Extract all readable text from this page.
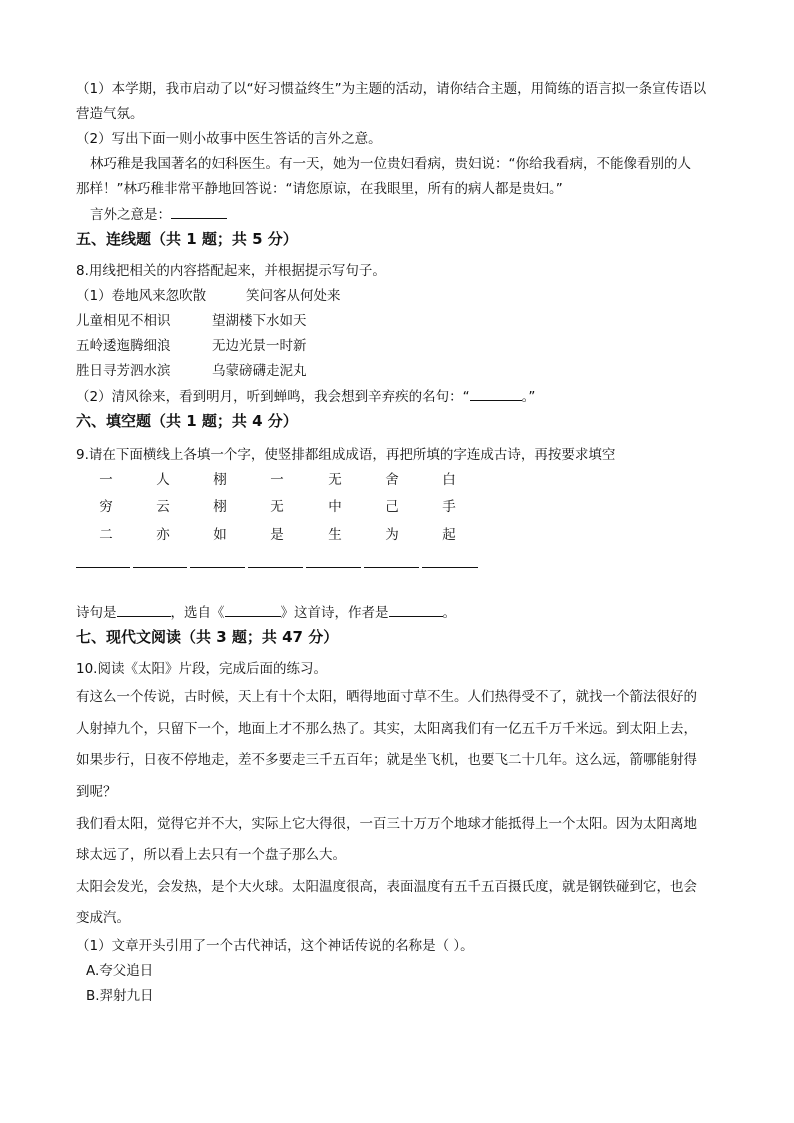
（1）本学期，我市启动了以“好习惯益终生”为主题的活动，请你结合主题，用简练的语言拟一条宣传语以
营造气氛。
（2）写出下面一则小故事中医生答话的言外之意。
林巧稚是我国著名的妇科医生。有一天，她为一位贵妇看病，贵妇说：“你给我看病，不能像看别的人
那样！”林巧稚非常平静地回答说：“请您原谅，在我眼里，所有的病人都是贵妇。”
言外之意是：
五、连线题（共 1 题；共 5 分）
8.用线把相关的内容搭配起来，并根据提示写句子。
（1）卷地风来忽吹散	笑问客从何处来
儿童相见不相识	望湖楼下水如天
五岭逶迤腾细浪	无边光景一时新
胜日寻芳泗水滨	乌蒙磅礴走泥丸
（2）清风徐来，看到明月，听到蝉鸣，我会想到辛弃疾的名句：“	。”
六、填空题（共 1 题；共 4 分）
9.请在下面横线上各填一个字，使竖排都组成成语，再把所填的字连成古诗，再按要求填空
一	人	栩	一	无	舍	白
穷	云	栩	无	中	己	手
二	亦	如	是	生	为	起
诗句是	，选自《	》这首诗，作者是	。
七、现代文阅读（共 3 题；共 47 分）
10.阅读《太阳》片段，完成后面的练习。
有这么一个传说，古时候，天上有十个太阳，晒得地面寸草不生。人们热得受不了，就找一个箭法很好的
人射掉九个，只留下一个，地面上才不那么热了。其实，太阳离我们有一亿五千万千米远。到太阳上去，
如果步行，日夜不停地走，差不多要走三千五百年；就是坐飞机，也要飞二十几年。这么远，箭哪能射得
到呢？
我们看太阳，觉得它并不大，实际上它大得很，一百三十万万个地球才能抵得上一个太阳。因为太阳离地
球太远了，所以看上去只有一个盘子那么大。
太阳会发光，会发热，是个大火球。太阳温度很高，表面温度有五千五百摄氏度，就是钢铁碰到它，也会
变成汽。
（1）文章开头引用了一个古代神话，这个神话传说的名称是（ ）。
A.夸父追日
B.羿射九日
